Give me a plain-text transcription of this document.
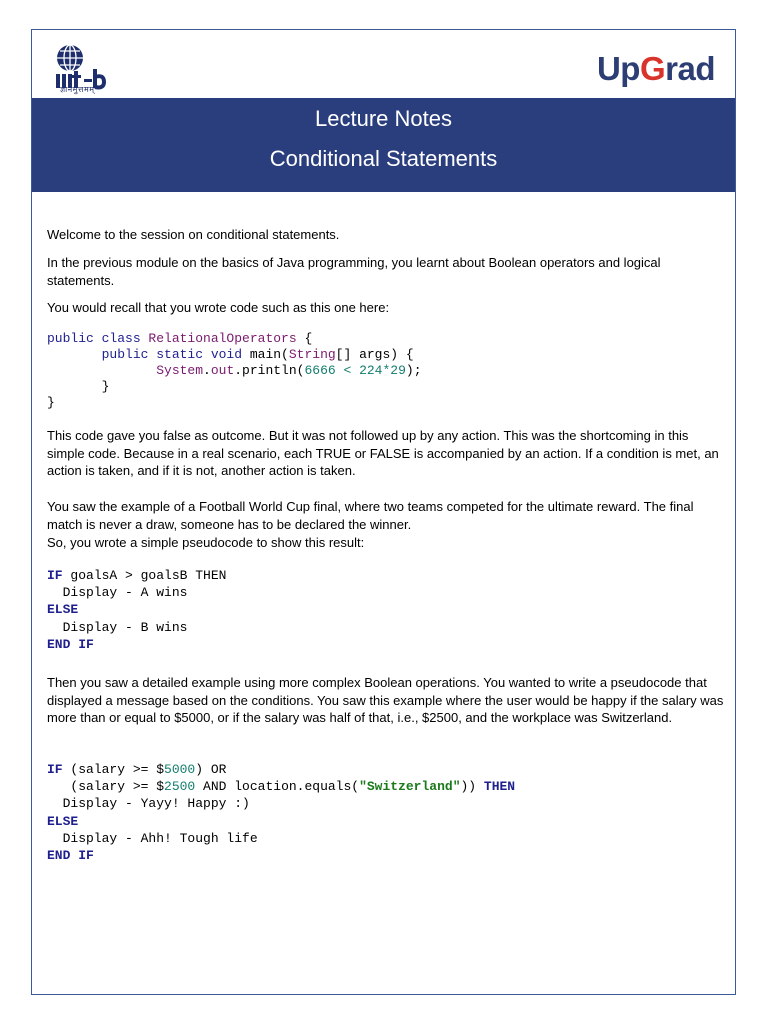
ज्ञानमुत्तमम्
UpGrad
Lecture Notes
Conditional Statements
Welcome to the session on conditional statements.
In the previous module on the basics of Java programming, you learnt about Boolean operators and logical statements.
You would recall that you wrote code such as this one here:
public class RelationalOperators {
public static void main(String[] args) {
System.out.println(6666 < 224*29);
}
}
This code gave you false as outcome. But it was not followed up by any action. This was the shortcoming in this simple code. Because in a real scenario, each TRUE or FALSE is accompanied by an action. If a condition is met, an action is taken, and if it is not, another action is taken.
You saw the example of a Football World Cup final, where two teams competed for the ultimate reward. The final match is never a draw, someone has to be declared the winner.
So, you wrote a simple pseudocode to show this result:
IF goalsA > goalsB THEN
Display - A wins
ELSE
Display - B wins
END IF
Then you saw a detailed example using more complex Boolean operations. You wanted to write a pseudocode that displayed a message based on the conditions. You saw this example where the user would be happy if the salary was more than or equal to $5000, or if the salary was half of that, i.e., $2500, and the workplace was Switzerland.
IF (salary >= $5000) OR
(salary >= $2500 AND location.equals("Switzerland")) THEN
Display - Yayy! Happy :)
ELSE
Display - Ahh! Tough life
END IF
